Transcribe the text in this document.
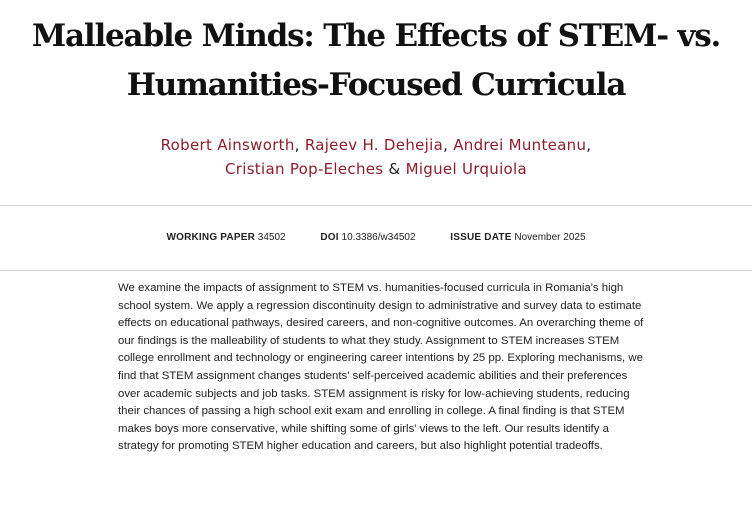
Malleable Minds: The Effects of STEM- vs. Humanities-Focused Curricula
Robert Ainsworth, Rajeev H. Dehejia, Andrei Munteanu,
Cristian Pop-Eleches & Miguel Urquiola
WORKING PAPER 34502	DOI 10.3386/w34502	ISSUE DATE November 2025

We examine the impacts of assignment to STEM vs. humanities-focused curricula in Romania's high school system. We apply a regression discontinuity design to administrative and survey data to estimate effects on educational pathways, desired careers, and non-cognitive outcomes. An overarching theme of our findings is the malleability of students to what they study. Assignment to STEM increases STEM college enrollment and technology or engineering career intentions by 25 pp. Exploring mechanisms, we find that STEM assignment changes students' self-perceived academic abilities and their preferences over academic subjects and job tasks. STEM assignment is risky for low-achieving students, reducing their chances of passing a high school exit exam and enrolling in college. A final finding is that STEM makes boys more conservative, while shifting some of girls' views to the left. Our results identify a strategy for promoting STEM higher education and careers, but also highlight potential tradeoffs.
